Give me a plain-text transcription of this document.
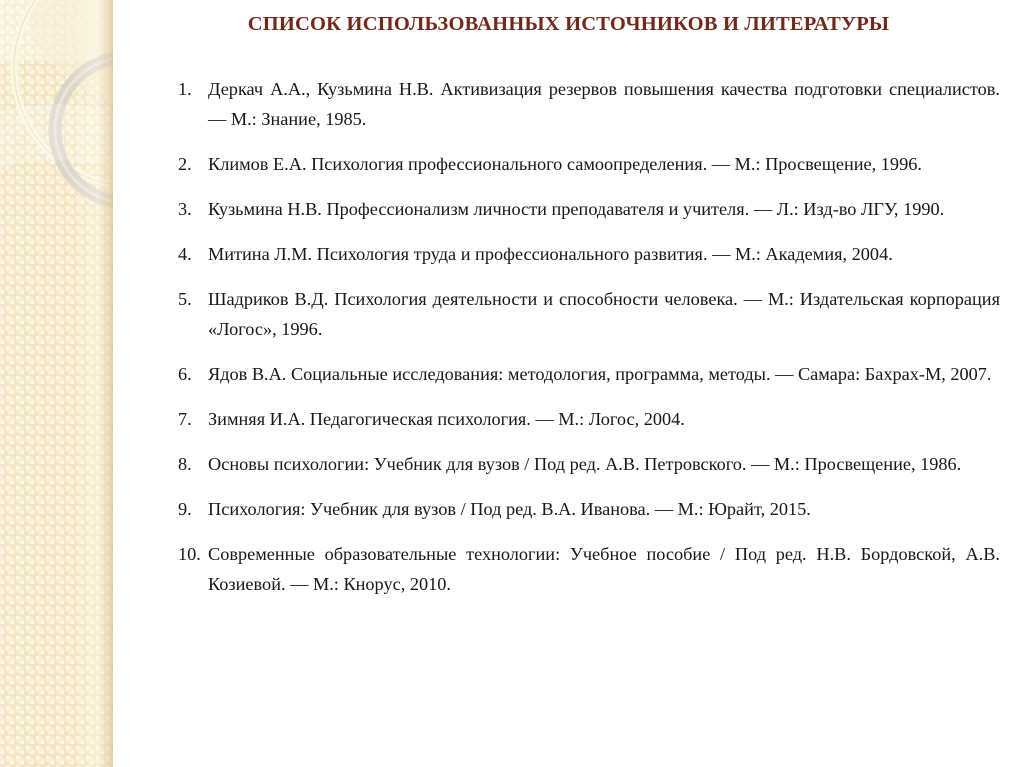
СПИСОК ИСПОЛЬЗОВАННЫХ ИСТОЧНИКОВ И ЛИТЕРАТУРЫ
1. Деркач А.А., Кузьмина Н.В. Активизация резервов повышения качества подготовки специалистов. — М.: Знание, 1985.
2. Климов Е.А. Психология профессионального самоопределения. — М.: Просвещение, 1996.
3. Кузьмина Н.В. Профессионализм личности преподавателя и учителя. — Л.: Изд-во ЛГУ, 1990.
4. Митина Л.М. Психология труда и профессионального развития. — М.: Академия, 2004.
5. Шадриков В.Д. Психология деятельности и способности человека. — М.: Издательская корпорация «Логос», 1996.
6. Ядов В.А. Социальные исследования: методология, программа, методы. — Самара: Бахрах-М, 2007.
7. Зимняя И.А. Педагогическая психология. — М.: Логос, 2004.
8. Основы психологии: Учебник для вузов / Под ред. А.В. Петровского. — М.: Просвещение, 1986.
9. Психология: Учебник для вузов / Под ред. В.А. Иванова. — М.: Юрайт, 2015.
10. Современные образовательные технологии: Учебное пособие / Под ред. Н.В. Бордовской, А.В. Козиевой. — М.: Кнорус, 2010.
